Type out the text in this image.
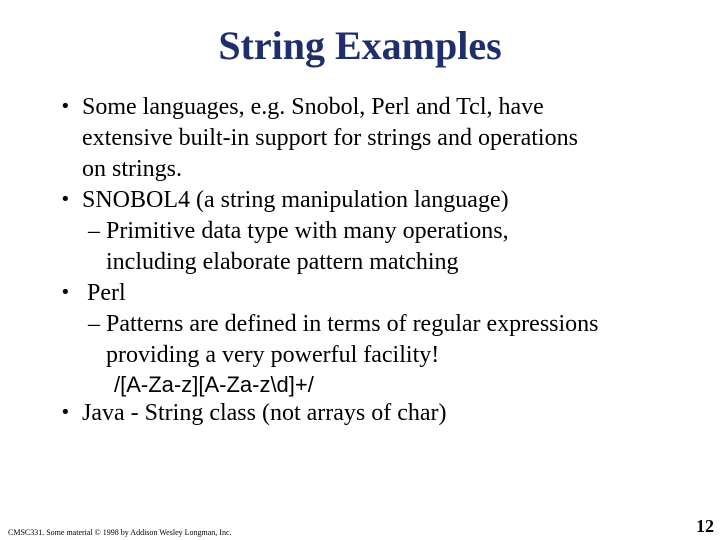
String Examples
• Some languages, e.g. Snobol, Perl and Tcl, have
extensive built-in support for strings and operations
on strings.
• SNOBOL4 (a string manipulation language)
– Primitive data type with many operations,
including elaborate pattern matching
• Perl
– Patterns are defined in terms of regular expressions
providing a very powerful facility!
/[A-Za-z][A-Za-z\d]+/
• Java - String class (not arrays of char)
CMSC331. Some material © 1998 by Addison Wesley Longman, Inc.	12
